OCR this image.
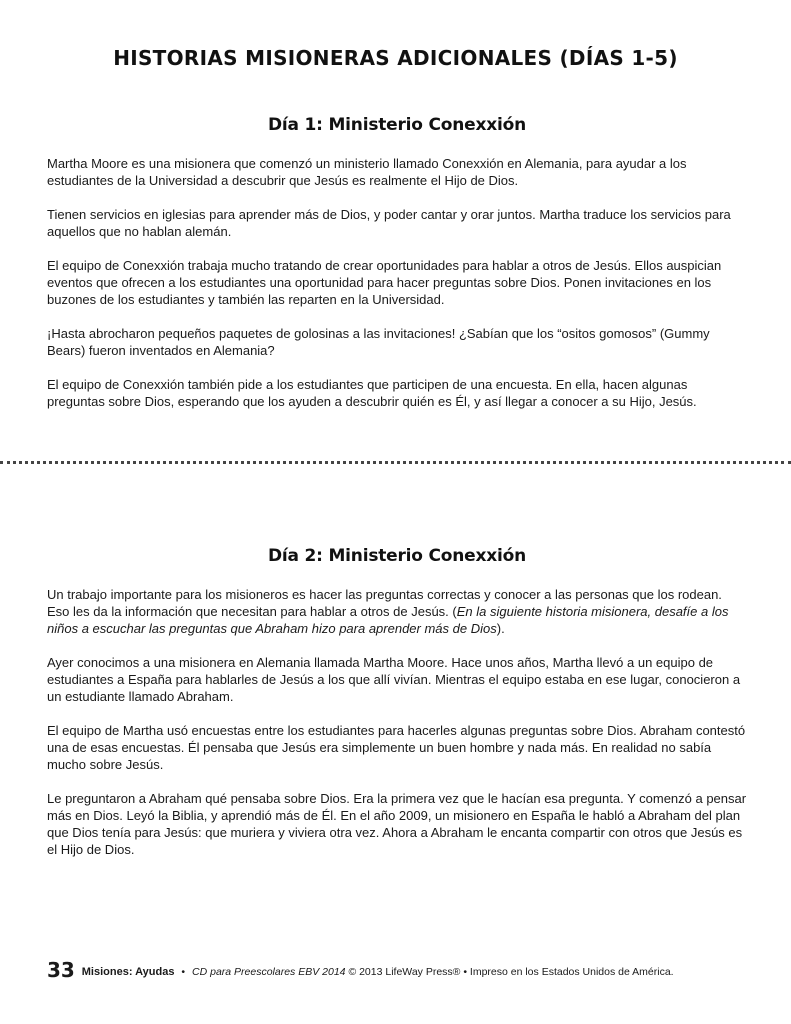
HISTORIAS MISIONERAS ADICIONALES (DÍAS 1-5)
Día 1: Ministerio Conexxión

Martha Moore es una misionera que comenzó un ministerio llamado Conexxión en Alemania, para ayudar a los estudiantes de la Universidad a descubrir que Jesús es realmente el Hijo de Dios.

Tienen servicios en iglesias para aprender más de Dios, y poder cantar y orar juntos. Martha traduce los servicios para aquellos que no hablan alemán.

El equipo de Conexxión trabaja mucho tratando de crear oportunidades para hablar a otros de Jesús. Ellos auspician eventos que ofrecen a los estudiantes una oportunidad para hacer preguntas sobre Dios. Ponen invitaciones en los buzones de los estudiantes y también las reparten en la Universidad.

¡Hasta abrocharon pequeños paquetes de golosinas a las invitaciones! ¿Sabían que los “ositos gomosos” (Gummy Bears) fueron inventados en Alemania?

El equipo de Conexxión también pide a los estudiantes que participen de una encuesta. En ella, hacen algunas preguntas sobre Dios, esperando que los ayuden a descubrir quién es Él, y así llegar a conocer a su Hijo, Jesús.

Día 2: Ministerio Conexxión

Un trabajo importante para los misioneros es hacer las preguntas correctas y conocer a las personas que los rodean. Eso les da la información que necesitan para hablar a otros de Jesús. (En la siguiente historia misionera, desafíe a los niños a escuchar las preguntas que Abraham hizo para aprender más de Dios).

Ayer conocimos a una misionera en Alemania llamada Martha Moore. Hace unos años, Martha llevó a un equipo de estudiantes a España para hablarles de Jesús a los que allí vivían. Mientras el equipo estaba en ese lugar, conocieron a un estudiante llamado Abraham.

El equipo de Martha usó encuestas entre los estudiantes para hacerles algunas preguntas sobre Dios. Abraham contestó una de esas encuestas. Él pensaba que Jesús era simplemente un buen hombre y nada más. En realidad no sabía mucho sobre Jesús.

Le preguntaron a Abraham qué pensaba sobre Dios. Era la primera vez que le hacían esa pregunta. Y comenzó a pensar más en Dios. Leyó la Biblia, y aprendió más de Él. En el año 2009, un misionero en España le habló a Abraham del plan que Dios tenía para Jesús: que muriera y viviera otra vez. Ahora a Abraham le encanta compartir con otros que Jesús es el Hijo de Dios.

33 Misiones: Ayudas • CD para Preescolares EBV 2014 © 2013 LifeWay Press® • Impreso en los Estados Unidos de América.
